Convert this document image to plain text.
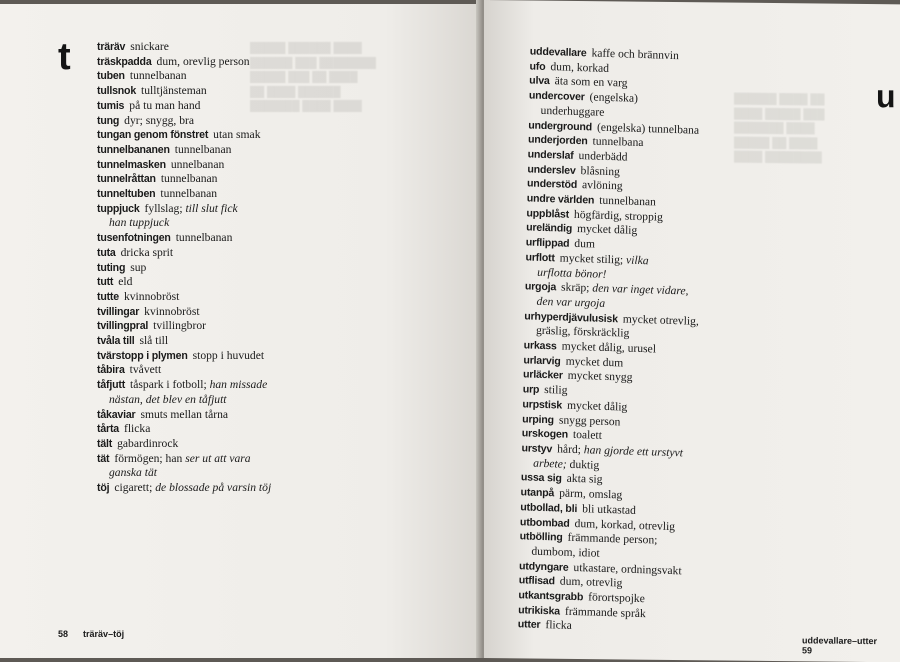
█████ ██████ ████
██████ ███ ████████
█████ ███ ██ ████
██ ████ ██████
███████ ████ ████
t träräv snickare
träskpadda dum, orevlig person
tuben tunnelbanan
tullsnok tulltjänsteman
tumis på tu man hand
tung dyr; snygg, bra
tungan genom fönstret utan smak
tunnelbananen tunnelbanan
tunnelmasken unnelbanan
tunnelråttan tunnelbanan
tunneltuben tunnelbanan
tuppjuck fyllslag; till slut fick
han tuppjuck
tusenfotningen tunnelbanan
tuta dricka sprit
tuting sup
tutt eld
tutte kvinnobröst
tvillingar kvinnobröst
tvillingpral tvillingbror
tvåla till slå till
tvärstopp i plymen stopp i huvudet
tåbira tvåvett
tåfjutt tåspark i fotboll; han missade
nästan, det blev en tåfjutt
tåkaviar smuts mellan tårna
tårta flicka
tält gabardinrock
tät förmögen; han ser ut att vara
ganska tät
töj cigarett; de blossade på varsin töj
58 träräv–töj
██████ ████ ██
████ █████ ███
███████ ████
█████ ██ ████
████ ████████
u
uddevallare kaffe och brännvin
ufo dum, korkad
ulva äta som en varg
undercover (engelska)
underhuggare
underground (engelska) tunnelbana
underjorden tunnelbana
underslaf underbädd
underslev blåsning
understöd avlöning
undre världen tunnelbanan
uppblåst högfärdig, stroppig
ureländig mycket dålig
urflippad dum
urflott mycket stilig; vilka
urflotta bönor!
urgoja skräp; den var inget vidare,
den var urgoja
urhyperdjävulusisk mycket otrevlig,
gräslig, förskräcklig
urkass mycket dålig, urusel
urlarvig mycket dum
urläcker mycket snygg
urp stilig
urpstisk mycket dålig
urping snygg person
urskogen toalett
urstyv hård; han gjorde ett urstyvt
arbete; duktig
ussa sig akta sig
utanpå pärm, omslag
utbollad, bli bli utkastad
utbombad dum, korkad, otrevlig
utbölling främmande person;
dumbom, idiot
utdyngare utkastare, ordningsvakt
utflisad dum, otrevlig
utkantsgrabb förortspojke
utrikiska främmande språk
utter flicka
uddevallare–utter  59
